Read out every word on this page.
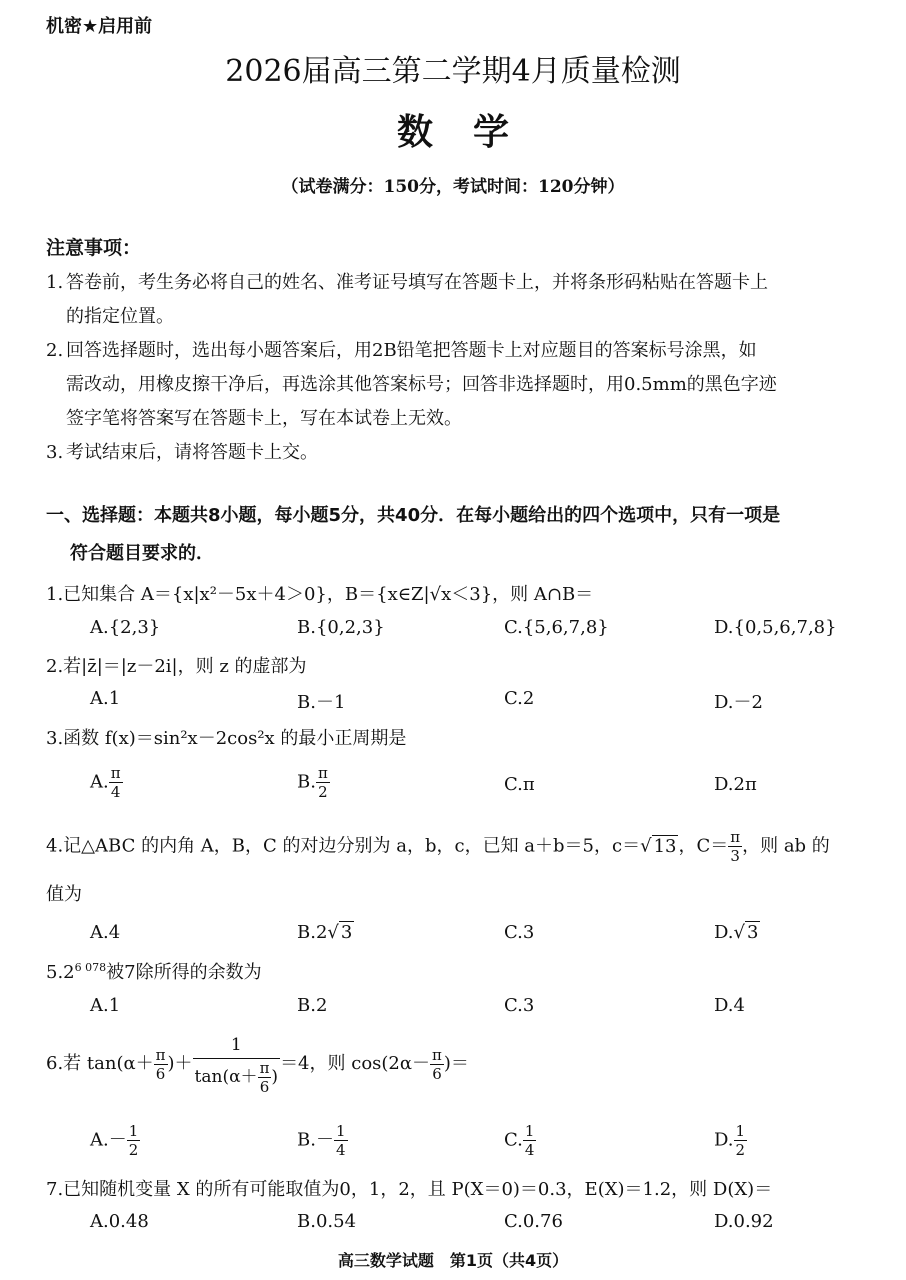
机密★启用前
2026届高三第二学期4月质量检测
数学
（试卷满分：150分，考试时间：120分钟）
注意事项：
1. 答卷前，考生务必将自己的姓名、准考证号填写在答题卡上，并将条形码粘贴在答题卡上
的指定位置。
2. 回答选择题时，选出每小题答案后，用2B铅笔把答题卡上对应题目的答案标号涂黑，如
需改动，用橡皮擦干净后，再选涂其他答案标号；回答非选择题时，用0.5mm的黑色字迹
签字笔将答案写在答题卡上，写在本试卷上无效。
3. 考试结束后，请将答题卡上交。
一、选择题：本题共8小题，每小题5分，共40分．在每小题给出的四个选项中，只有一项是
符合题目要求的．
1.已知集合 A＝{x|x²－5x＋4＞0}，B＝{x∈Z|√x＜3}，则 A∩B＝
A.{2,3}	B.{0,2,3}	C.{5,6,7,8}	D.{0,5,6,7,8}
2.若|z̄|＝|z－2i|，则 z 的虚部为
A.1	B.－1	C.2	D.－2
3.函数 f(x)＝sin²x－2cos²x 的最小正周期是
A. $\frac{\pi}{4}$	B. $\frac{\pi}{2}$	C.π	D.2π
4.记△ABC 的内角 A，B，C 的对边分别为 a，b，c，已知 a＋b＝5，c＝√ 13 ，$C= \frac{\pi}{3}$ ，则 ab 的
值为
A.4	B.2√ 3	C.3	D.√ 3
$5.2^{6 078}$被7除所得的余数为
A.1	B.2	C.3	D.4
6.若 $\tan(\alpha+ \frac{\pi}{6}$ )＋ $\frac{1}{\tan(\alpha+ \frac{\pi}{6} )} =4$，则 $\cos(2\alpha- \frac{\pi}{6}$ )＝
$A.- \frac{1}{2}$	$B.- \frac{1}{4}$	C. $\frac{1}{4}$	D. $\frac{1}{2}$
7.已知随机变量 X 的所有可能取值为0，1，2，且 P(X＝0)＝0.3，E(X)＝1.2，则 D(X)＝
A.0.48	B.0.54	C.0.76	D.0.92
高三数学试题　第1页（共4页）
